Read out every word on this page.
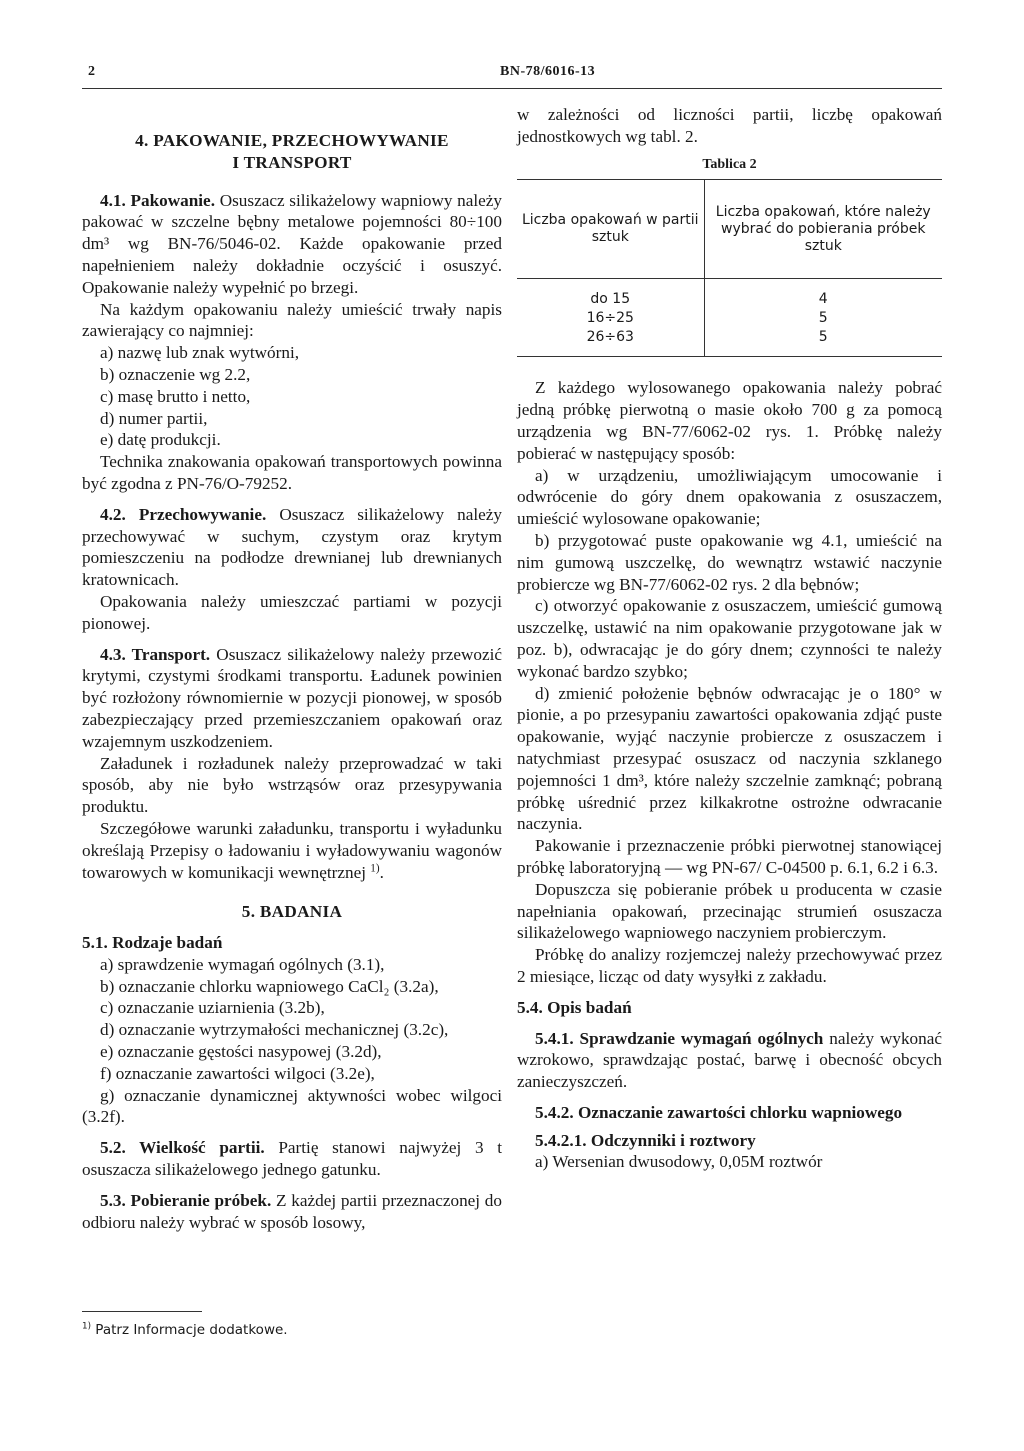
2	BN-78/6016-13

4. PAKOWANIE, PRZECHOWYWANIE

I TRANSPORT

4.1. Pakowanie. Osuszacz silikażelowy wapniowy należy pakować w szczelne bębny metalowe pojemności 80÷100 dm³ wg BN-76/5046-02. Każde opakowanie przed napełnieniem należy dokładnie oczyścić i osuszyć. Opakowanie należy wypełnić po brzegi.

Na każdym opakowaniu należy umieścić trwały napis zawierający co najmniej:

a) nazwę lub znak wytwórni,

b) oznaczenie wg 2.2,

c) masę brutto i netto,

d) numer partii,

e) datę produkcji.

Technika znakowania opakowań transportowych powinna być zgodna z PN-76/O-79252.

4.2. Przechowywanie. Osuszacz silikażelowy należy przechowywać w suchym, czystym oraz krytym pomieszczeniu na podłodze drewnianej lub drewnianych kratownicach.

Opakowania należy umieszczać partiami w pozycji pionowej.

4.3. Transport. Osuszacz silikażelowy należy przewozić krytymi, czystymi środkami transportu. Ładunek powinien być rozłożony równomiernie w pozycji pionowej, w sposób zabezpieczający przed przemieszczaniem opakowań oraz wzajemnym uszkodzeniem.

Załadunek i rozładunek należy przeprowadzać w taki sposób, aby nie było wstrząsów oraz przesypywania produktu.

Szczegółowe warunki załadunku, transportu i wyładunku określają Przepisy o ładowaniu i wyładowywaniu wagonów towarowych w komunikacji wewnętrznej $^{1)}$.

5. BADANIA

5.1. Rodzaje badań

a) sprawdzenie wymagań ogólnych (3.1),

b) oznaczanie chlorku wapniowego CaCl₂ (3.2a),

c) oznaczanie uziarnienia (3.2b),

d) oznaczanie wytrzymałości mechanicznej (3.2c),

e) oznaczanie gęstości nasypowej (3.2d),

f) oznaczanie zawartości wilgoci (3.2e),

g) oznaczanie dynamicznej aktywności wobec wilgoci (3.2f).

5.2. Wielkość partii. Partię stanowi najwyżej 3 t osuszacza silikażelowego jednego gatunku.

5.3. Pobieranie próbek. Z każdej partii przeznaczonej do odbioru należy wybrać w sposób losowy,

w zależności od liczności partii, liczbę opakowań jednostkowych wg tabl. 2.

Tablica 2
Liczba opakowań w partii sztuk	Liczba opakowań, które należy wybrać do pobierania próbek sztuk
do 15	4
16÷25	5
26÷63	5

Z każdego wylosowanego opakowania należy pobrać jedną próbkę pierwotną o masie około 700 g za pomocą urządzenia wg BN-77/6062-02 rys. 1. Próbkę należy pobierać w następujący sposób:

a) w urządzeniu, umożliwiającym umocowanie i odwrócenie do góry dnem opakowania z osuszaczem, umieścić wylosowane opakowanie;

b) przygotować puste opakowanie wg 4.1, umieścić na nim gumową uszczelkę, do wewnątrz wstawić naczynie probiercze wg BN-77/6062-02 rys. 2 dla bębnów;

c) otworzyć opakowanie z osuszaczem, umieścić gumową uszczelkę, ustawić na nim opakowanie przygotowane jak w poz. b), odwracając je do góry dnem; czynności te należy wykonać bardzo szybko;

d) zmienić położenie bębnów odwracając je o 180° w pionie, a po przesypaniu zawartości opakowania zdjąć puste opakowanie, wyjąć naczynie probiercze z osuszaczem i natychmiast przesypać osuszacz od naczynia szklanego pojemności 1 dm³, które należy szczelnie zamknąć; pobraną próbkę uśrednić przez kilkakrotne ostrożne odwracanie naczynia.

Pakowanie i przeznaczenie próbki pierwotnej stanowiącej próbkę laboratoryjną — wg PN-67/ C-04500 p. 6.1, 6.2 i 6.3.

Dopuszcza się pobieranie próbek u producenta w czasie napełniania opakowań, przecinając strumień osuszacza silikażelowego wapniowego naczyniem probierczym.

Próbkę do analizy rozjemczej należy przechowywać przez 2 miesiące, licząc od daty wysyłki z zakładu.

5.4. Opis badań

5.4.1. Sprawdzanie wymagań ogólnych należy wykonać wzrokowo, sprawdzając postać, barwę i obecność obcych zanieczyszczeń.

5.4.2. Oznaczanie zawartości chlorku wapniowego

5.4.2.1. Odczynniki i roztwory

a) Wersenian dwusodowy, 0,05M roztwór

$^{1)}$ Patrz Informacje dodatkowe.
